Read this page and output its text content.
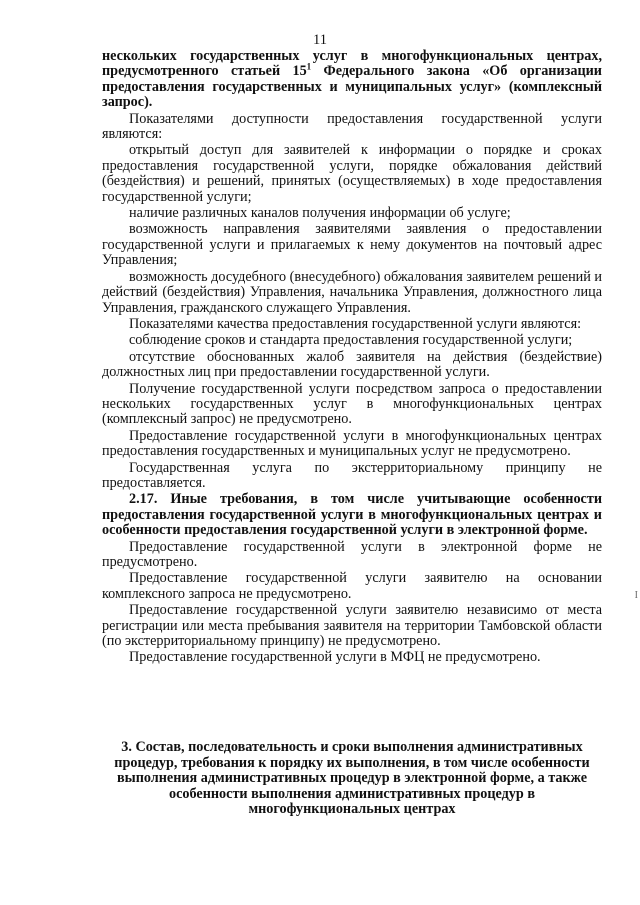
11

нескольких государственных услуг в многофункциональных центрах, предусмотренного статьей $15^1$ Федерального закона «Об организации предоставления государственных и муниципальных услуг» (комплексный запрос).

Показателями доступности предоставления государственной услуги являются:

открытый доступ для заявителей к информации о порядке и сроках предоставления государственной услуги, порядке обжалования действий (бездействия) и решений, принятых (осуществляемых) в ходе предоставления государственной услуги;

наличие различных каналов получения информации об услуге;

возможность направления заявителями заявления о предоставлении государственной услуги и прилагаемых к нему документов на почтовый адрес Управления;

возможность досудебного (внесудебного) обжалования заявителем решений и действий (бездействия) Управления, начальника Управления, должностного лица Управления, гражданского служащего Управления.

Показателями качества предоставления государственной услуги являются:

соблюдение сроков и стандарта предоставления государственной услуги;

отсутствие обоснованных жалоб заявителя на действия (бездействие) должностных лиц при предоставлении государственной услуги.

Получение государственной услуги посредством запроса о предоставлении нескольких государственных услуг в многофункциональных центрах (комплексный запрос) не предусмотрено.

Предоставление государственной услуги в многофункциональных центрах предоставления государственных и муниципальных услуг не предусмотрено.

Государственная услуга по экстерриториальному принципу не предоставляется.

2.17. Иные требования, в том числе учитывающие особенности предоставления государственной услуги в многофункциональных центрах и особенности предоставления государственной услуги в электронной форме.

Предоставление государственной услуги в электронной форме не предусмотрено.

Предоставление государственной услуги заявителю на основании комплексного запроса не предусмотрено.

Предоставление государственной услуги заявителю независимо от места регистрации или места пребывания заявителя на территории Тамбовской области (по экстерриториальному принципу) не предусмотрено.

Предоставление государственной услуги в МФЦ не предусмотрено.

3. Состав, последовательность и сроки выполнения административных
процедур, требования к порядку их выполнения, в том числе особенности
выполнения административных процедур в электронной форме, а также
особенности выполнения административных процедур в
многофункциональных центрах
I
